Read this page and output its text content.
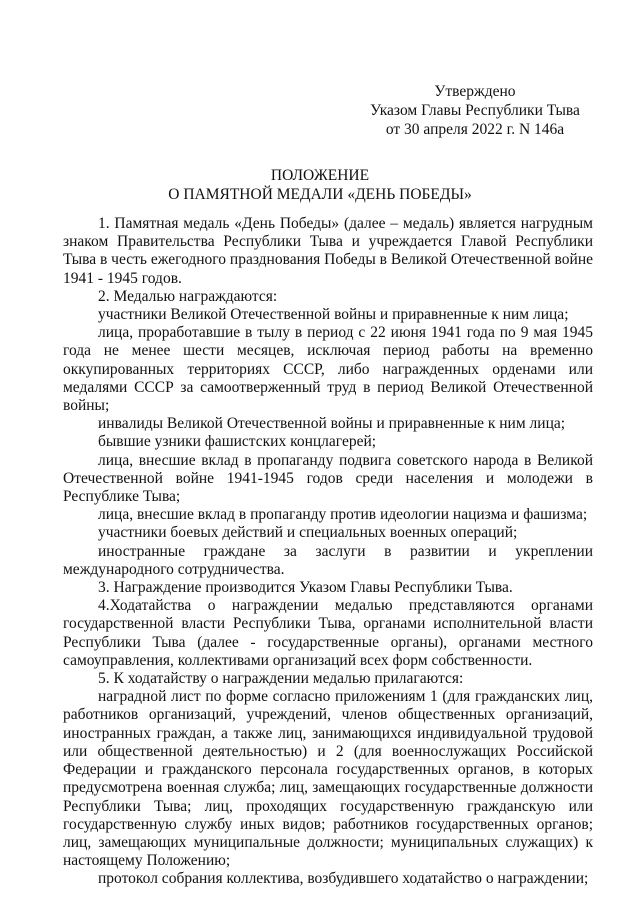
Утверждено
Указом Главы Республики Тыва
от 30 апреля 2022 г. N 146а
ПОЛОЖЕНИЕ
О ПАМЯТНОЙ МЕДАЛИ «ДЕНЬ ПОБЕДЫ»

1. Памятная медаль «День Победы» (далее – медаль) является нагрудным знаком Правительства Республики Тыва и учреждается Главой Республики Тыва в честь ежегодного празднования Победы в Великой Отечественной войне 1941 - 1945 годов.

2. Медалью награждаются:

участники Великой Отечественной войны и приравненные к ним лица;

лица, проработавшие в тылу в период с 22 июня 1941 года по 9 мая 1945 года не менее шести месяцев, исключая период работы на временно оккупированных территориях СССР, либо награжденных орденами или медалями СССР за самоотверженный труд в период Великой Отечественной войны;

инвалиды Великой Отечественной войны и приравненные к ним лица;

бывшие узники фашистских концлагерей;

лица, внесшие вклад в пропаганду подвига советского народа в Великой Отечественной войне 1941-1945 годов среди населения и молодежи в Республике Тыва;

лица, внесшие вклад в пропаганду против идеологии нацизма и фашизма;

участники боевых действий и специальных военных операций;

иностранные граждане за заслуги в развитии и укреплении международного сотрудничества.

3. Награждение производится Указом Главы Республики Тыва.

4.Ходатайства о награждении медалью представляются органами государственной власти Республики Тыва, органами исполнительной власти Республики Тыва (далее - государственные органы), органами местного самоуправления, коллективами организаций всех форм собственности.

5. К ходатайству о награждении медалью прилагаются:

наградной лист по форме согласно приложениям 1 (для гражданских лиц, работников организаций, учреждений, членов общественных организаций, иностранных граждан, а также лиц, занимающихся индивидуальной трудовой или общественной деятельностью) и 2 (для военнослужащих Российской Федерации и гражданского персонала государственных органов, в которых предусмотрена военная служба; лиц, замещающих государственные должности Республики Тыва; лиц, проходящих государственную гражданскую или государственную службу иных видов; работников государственных органов; лиц, замещающих муниципальные должности; муниципальных служащих) к настоящему Положению;

протокол собрания коллектива, возбудившего ходатайство о награждении;
